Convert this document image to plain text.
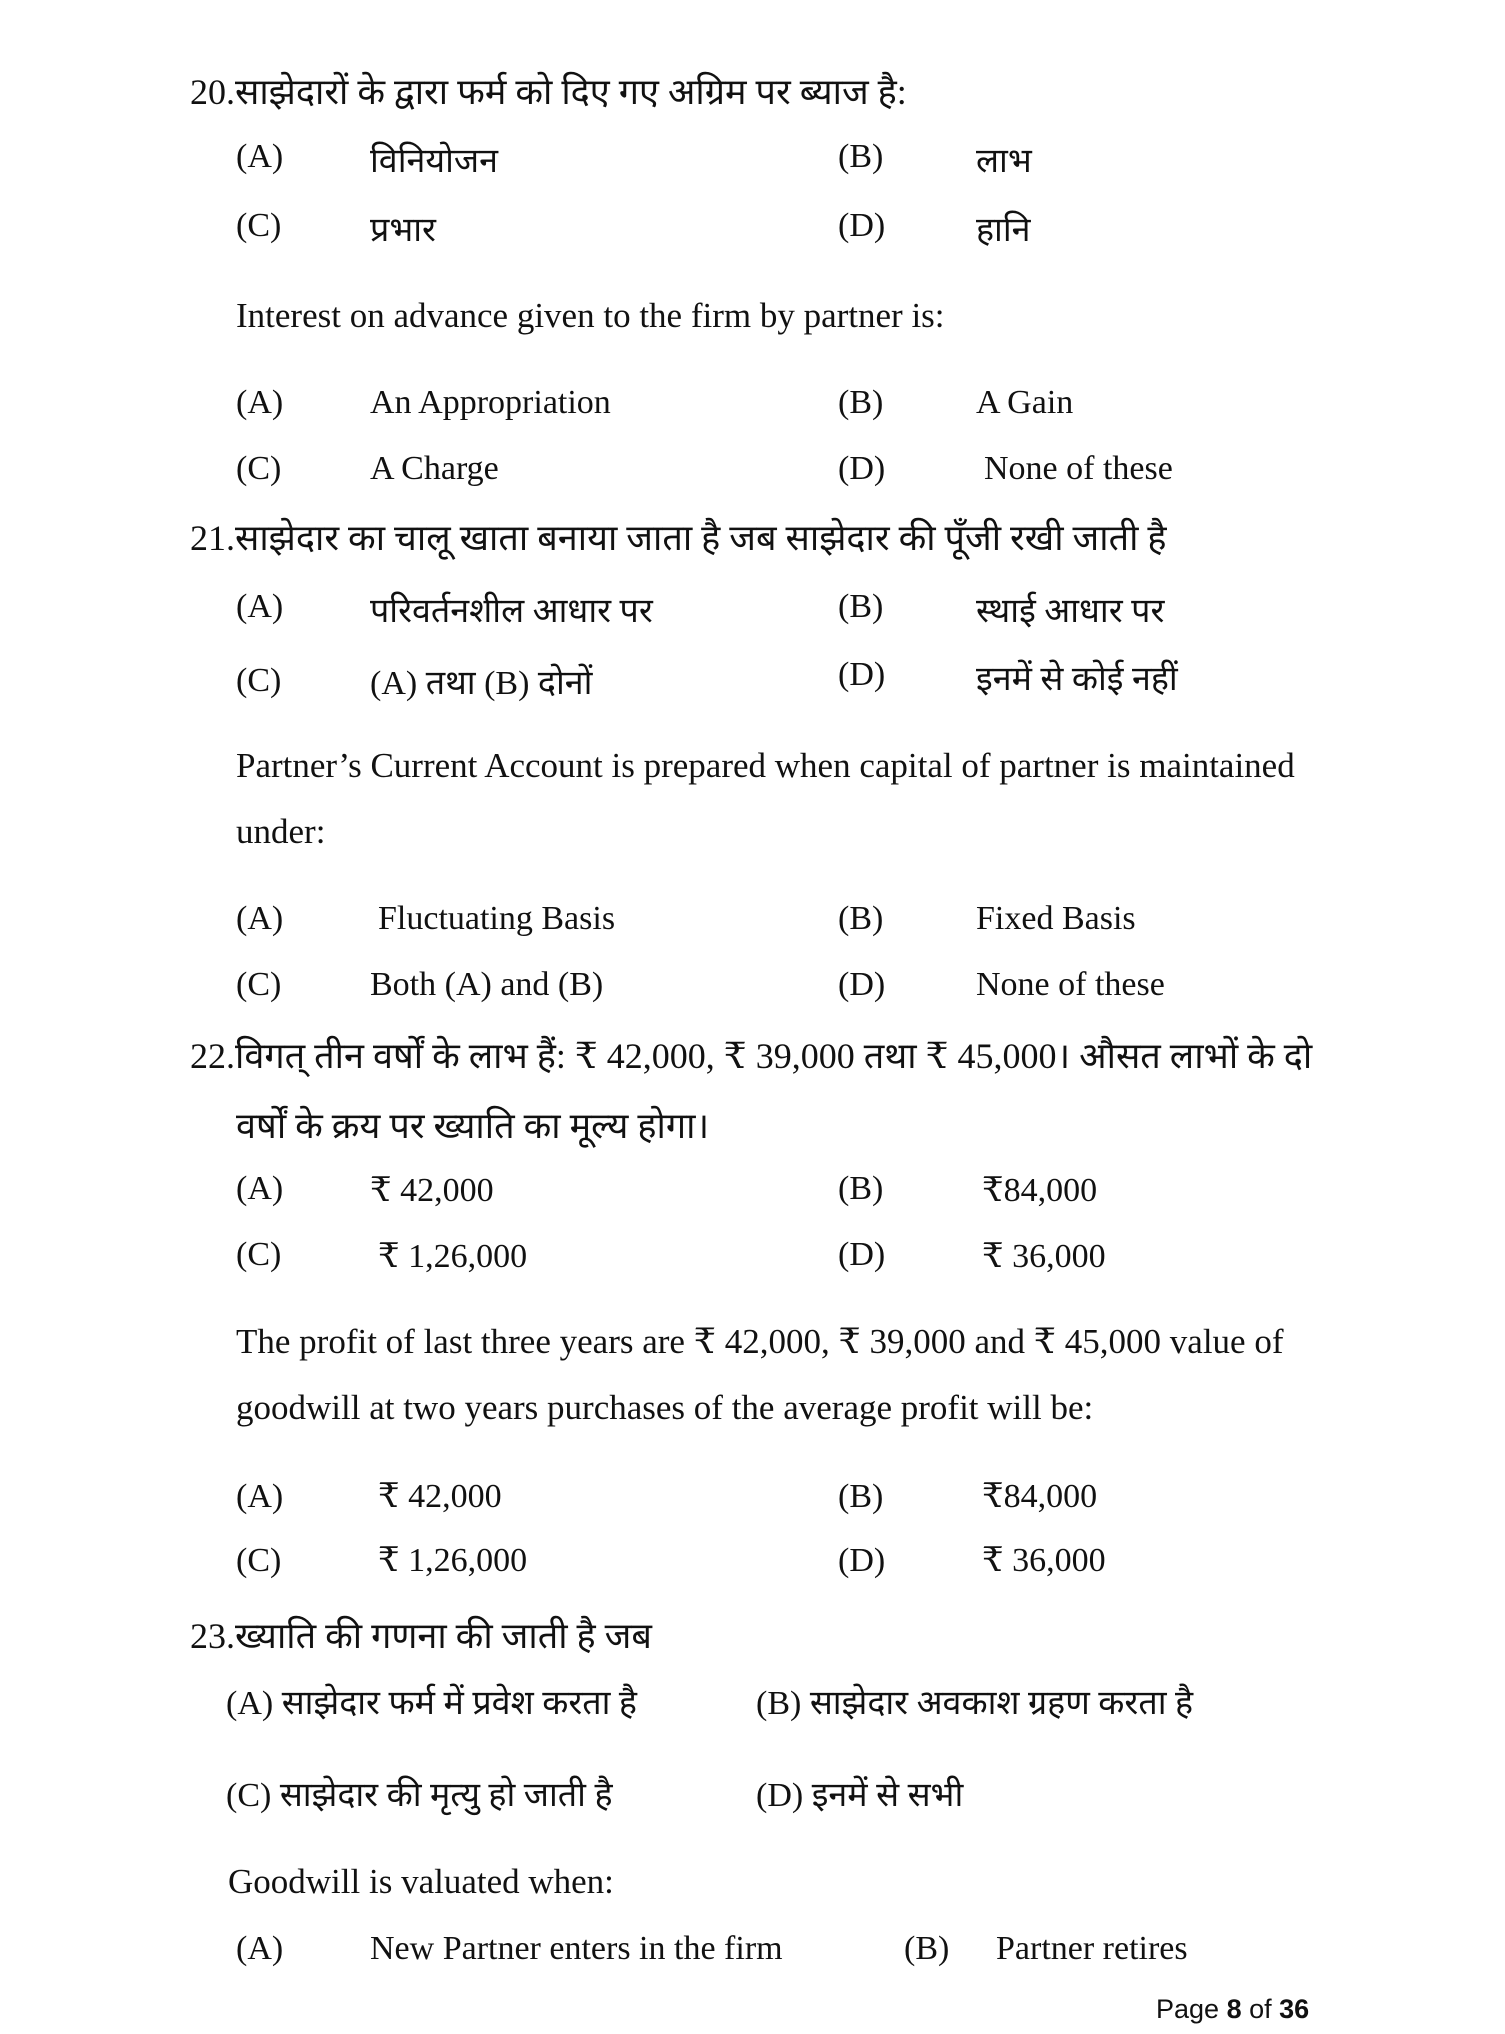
20.साझेदारों के द्वारा फर्म को दिए गए अग्रिम पर ब्याज है:
(A)	विनियोजन	(B)	लाभ
(C)	प्रभार	(D)	हानि
Interest on advance given to the firm by partner is:
(A)	An Appropriation	(B)	A Gain
(C)	A Charge	(D)	None of these
21.साझेदार का चालू खाता बनाया जाता है जब साझेदार की पूँजी रखी जाती है
(A)	परिवर्तनशील आधार पर	(B)	स्थाई आधार पर
(C)	(A) तथा (B) दोनों	(D)	इनमें से कोई नहीं
Partner’s Current Account is prepared when capital of partner is maintained
under:
(A)	Fluctuating Basis	(B)	Fixed Basis
(C)	Both (A) and (B)	(D)	None of these
22.विगत् तीन वर्षों के लाभ हैं: ₹ 42,000, ₹ 39,000 तथा ₹ 45,000। औसत लाभों के दो
वर्षों के क्रय पर ख्याति का मूल्य होगा।
(A)	₹ 42,000	(B)	₹84,000
(C)	₹ 1,26,000	(D)	₹ 36,000
The profit of last three years are ₹ 42,000, ₹ 39,000 and ₹ 45,000 value of
goodwill at two years purchases of the average profit will be:
(A)	₹ 42,000	(B)	₹84,000
(C)	₹ 1,26,000	(D)	₹ 36,000
23.ख्याति की गणना की जाती है जब
(A) साझेदार फर्म में प्रवेश करता है	(B) साझेदार अवकाश ग्रहण करता है
(C) साझेदार की मृत्यु हो जाती है	(D) इनमें से सभी
Goodwill is valuated when:
(A)	New Partner enters in the firm	(B) Partner retires
Page 8 of 36
